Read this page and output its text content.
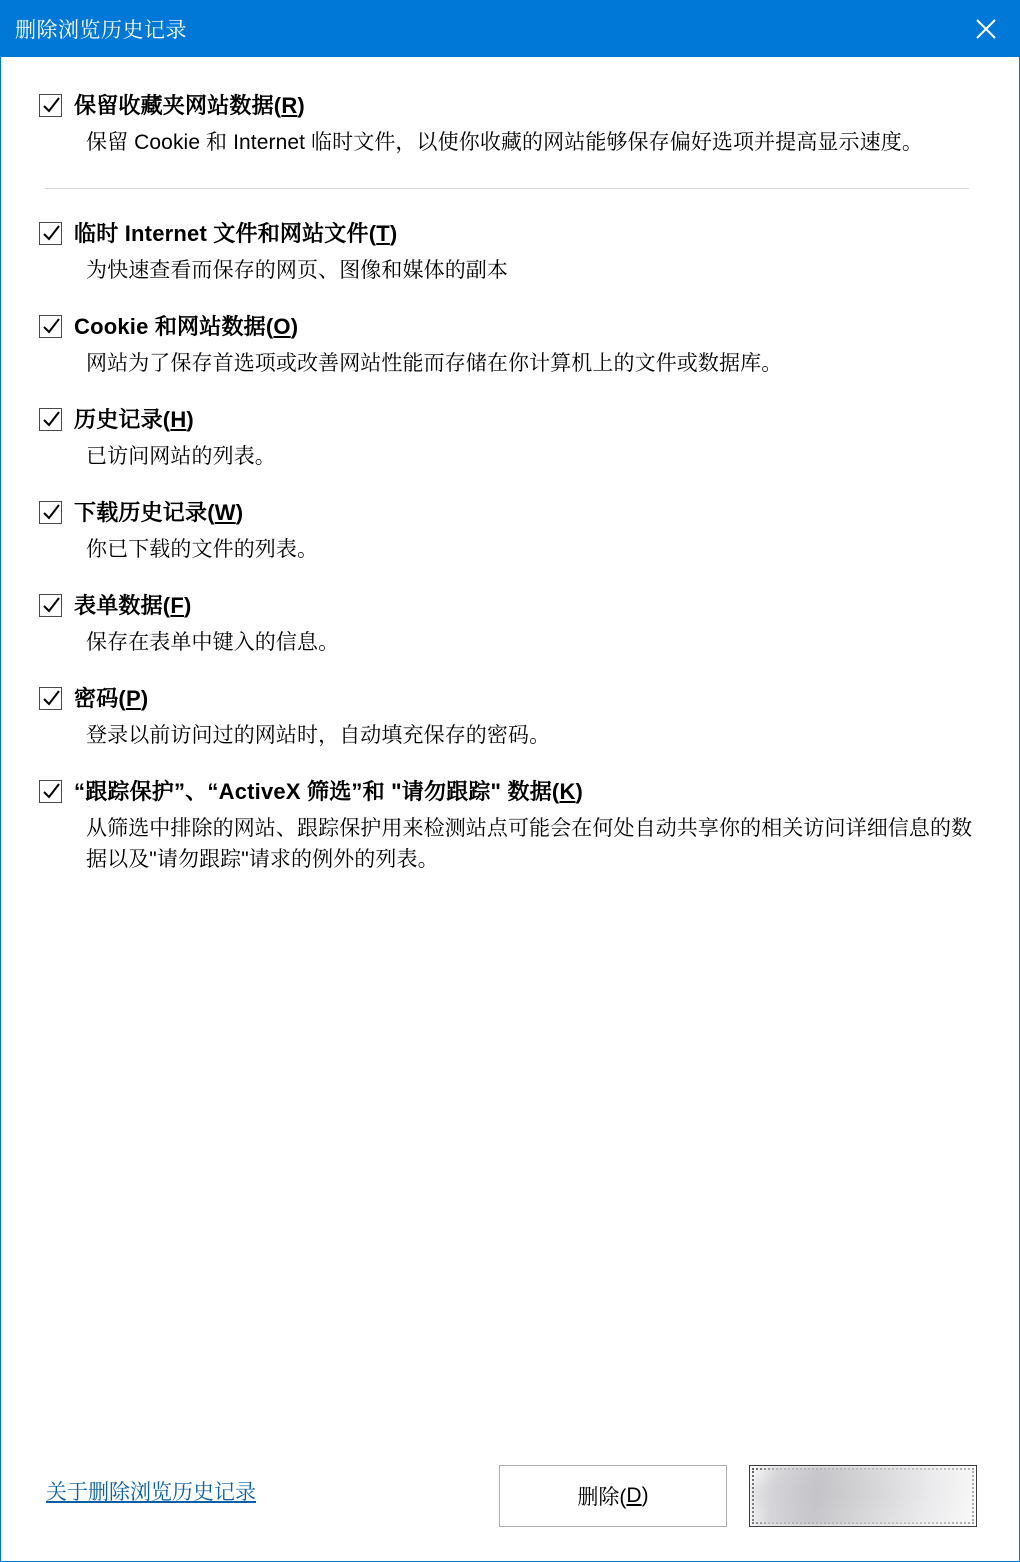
删除浏览历史记录
保留收藏夹网站数据(R)
保留 Cookie 和 Internet 临时文件，以使你收藏的网站能够保存偏好选项并提高显示速度。
临时 Internet 文件和网站文件(T)
为快速查看而保存的网页、图像和媒体的副本
Cookie 和网站数据(O)
网站为了保存首选项或改善网站性能而存储在你计算机上的文件或数据库。
历史记录(H)
已访问网站的列表。
下载历史记录(W)
你已下载的文件的列表。
表单数据(F)
保存在表单中键入的信息。
密码(P)
登录以前访问过的网站时，自动填充保存的密码。
“跟踪保护”、“ActiveX 筛选”和 "请勿跟踪" 数据(K)
从筛选中排除的网站、跟踪保护用来检测站点可能会在何处自动共享你的相关访问详细信息的数据以及"请勿跟踪"请求的例外的列表。
关于删除浏览历史记录	删除( D )
